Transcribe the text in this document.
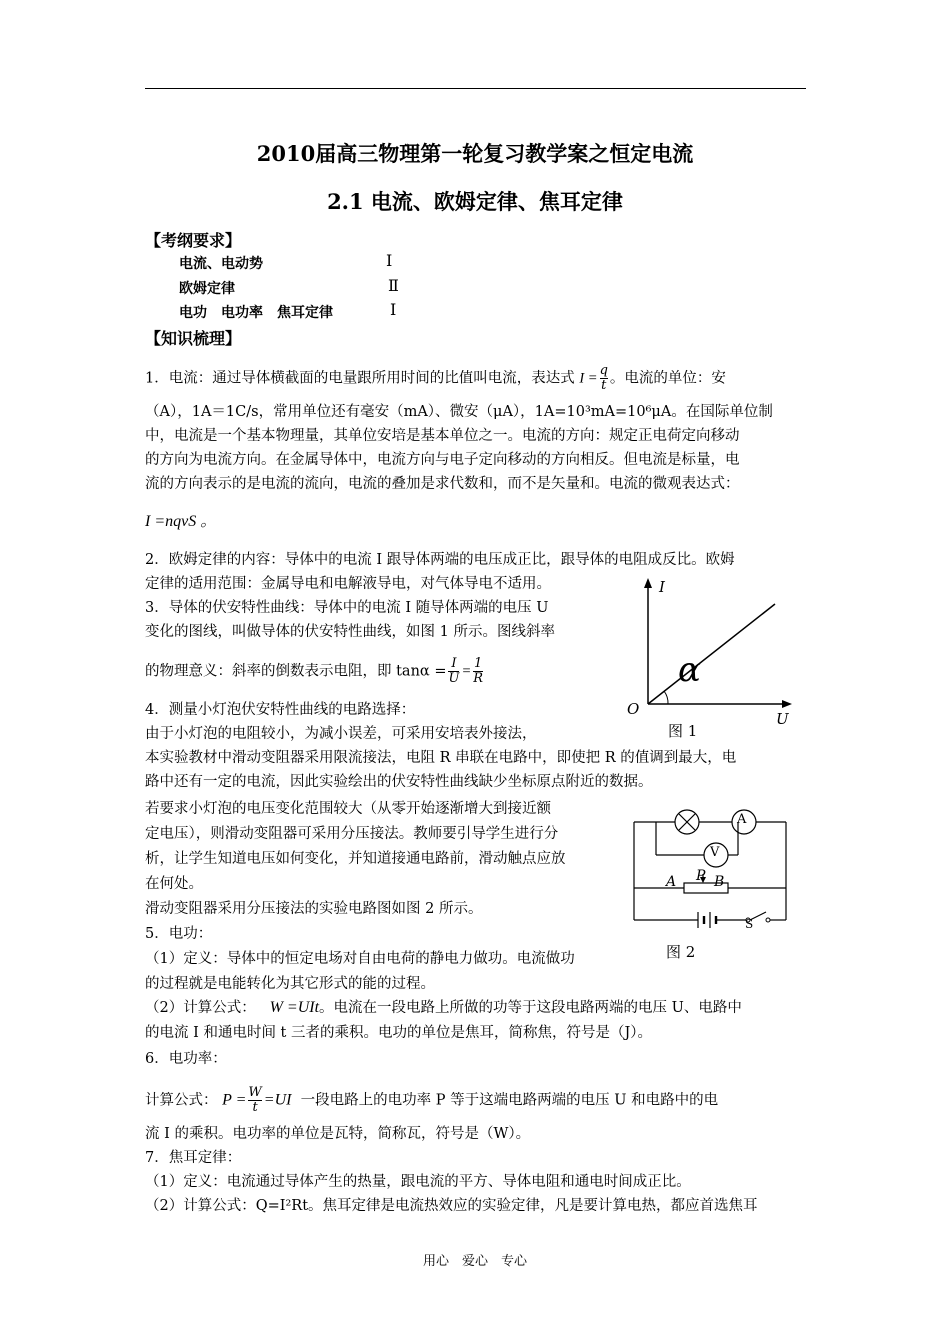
2010届高三物理第一轮复习教学案之恒定电流
2.1 电流、欧姆定律、焦耳定律
【考纲要求】
电流、电动势	Ⅰ
欧姆定律	Ⅱ
电功　电功率　焦耳定律	Ⅰ
【知识梳理】
1．电流：通过导体横截面的电量跟所用时间的比值叫电流，表达式 $I = \frac{q}{t}$ 。电流的单位：安
（A），1A＝1C/s，常用单位还有毫安（mA）、微安（μA），1A=10³mA=10⁶μA。在国际单位制
中，电流是一个基本物理量，其单位安培是基本单位之一。电流的方向：规定正电荷定向移动
的方向为电流方向。在金属导体中，电流方向与电子定向移动的方向相反。但电流是标量，电
流的方向表示的是电流的流向，电流的叠加是求代数和，而不是矢量和。电流的微观表达式：
I =nqvS 。
2．欧姆定律的内容：导体中的电流 I 跟导体两端的电压成正比，跟导体的电阻成反比。欧姆
定律的适用范围：金属导电和电解液导电，对气体导电不适用。
3．导体的伏安特性曲线：导体中的电流 I 随导体两端的电压 U
变化的图线，叫做导体的伏安特性曲线，如图 1 所示。图线斜率
的物理意义：斜率的倒数表示电阻，即 $\tan\alpha = \frac{I}{U} = \frac{1}{R}$
I
U
O
α
图 1
4．测量小灯泡伏安特性曲线的电路选择：
由于小灯泡的电阻较小，为减小误差，可采用安培表外接法，
本实验教材中滑动变阻器采用限流接法，电阻 R 串联在电路中，即使把 R 的值调到最大，电
路中还有一定的电流，因此实验绘出的伏安特性曲线缺少坐标原点附近的数据。
若要求小灯泡的电压变化范围较大（从零开始逐渐增大到接近额
定电压），则滑动变阻器可采用分压接法。教师要引导学生进行分
析，让学生知道电压如何变化，并知道接通电路前，滑动触点应放
在何处。
滑动变阻器采用分压接法的实验电路图如图 2 所示。
A
V
A P B
S
图 2
5．电功：
（1）定义：导体中的恒定电场对自由电荷的静电力做功。电流做功
的过程就是电能转化为其它形式的能的过程。
（2）计算公式： W =UIt。电流在一段电路上所做的功等于这段电路两端的电压 U、电路中
的电流 I 和通电时间 t 三者的乘积。电功的单位是焦耳，简称焦，符号是（J）。
6．电功率：
计算公式： $P = \frac{W}{t} =UI$ 一段电路上的电功率 P 等于这端电路两端的电压 U 和电路中的电
流 I 的乘积。电功率的单位是瓦特，简称瓦，符号是（W）。
7．焦耳定律：
（1）定义：电流通过导体产生的热量，跟电流的平方、导体电阻和通电时间成正比。
（2）计算公式：Q=I²Rt。焦耳定律是电流热效应的实验定律，凡是要计算电热，都应首选焦耳
用心　爱心　专心
